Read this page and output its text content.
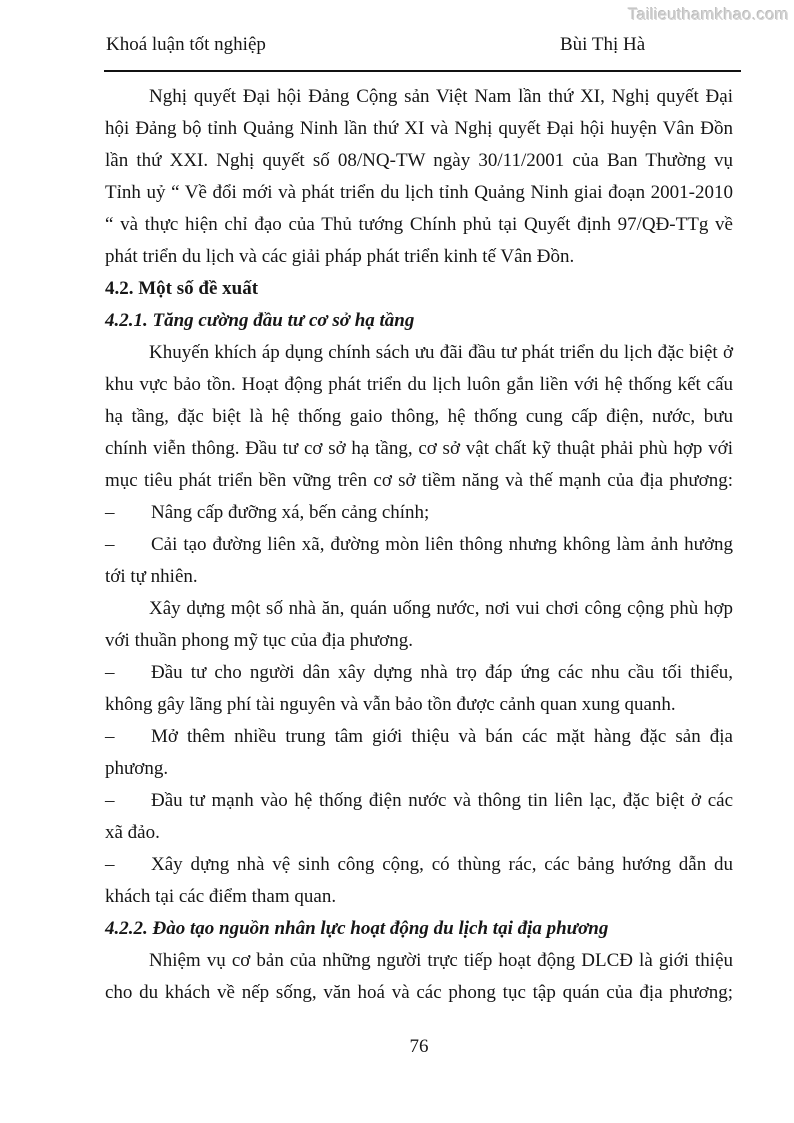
Tailieuthamkhao.com
Khoá luận tốt nghiệp	Bùi Thị Hà
Nghị quyết Đại hội Đảng Cộng sản Việt Nam lần thứ XI, Nghị quyết Đại
hội Đảng bộ tỉnh Quảng Ninh lần thứ XI và Nghị quyết Đại hội huyện Vân Đồn
lần thứ XXI. Nghị quyết số 08/NQ-TW ngày 30/11/2001 của Ban Thường vụ
Tỉnh uỷ “ Về đổi mới và phát triển du lịch tỉnh Quảng Ninh giai đoạn 2001-2010
“ và thực hiện chỉ đạo của Thủ tướng Chính phủ tại Quyết định 97/QĐ-TTg về
phát triển du lịch và các giải pháp phát triển kinh tế Vân Đồn.
4.2. Một số đề xuất
4.2.1. Tăng cường đầu tư cơ sở hạ tầng
Khuyến khích áp dụng chính sách ưu đãi đầu tư phát triển du lịch đặc biệt ở
khu vực bảo tồn. Hoạt động phát triển du lịch luôn gắn liền với hệ thống kết cấu
hạ tầng, đặc biệt là hệ thống gaio thông, hệ thống cung cấp điện, nước, bưu
chính viễn thông. Đầu tư cơ sở hạ tầng, cơ sở vật chất kỹ thuật phải phù hợp với
mục tiêu phát triển bền vững trên cơ sở tiềm năng và thế mạnh của địa phương:
– Nâng cấp đưỡng xá, bến cảng chính;
– Cải tạo đường liên xã, đường mòn liên thông nhưng không làm ảnh hưởng
tới tự nhiên.
Xây dựng một số nhà ăn, quán uống nước, nơi vui chơi công cộng phù hợp
với thuần phong mỹ tục của địa phương.
– Đầu tư cho người dân xây dựng nhà trọ đáp ứng các nhu cầu tối thiểu,
không gây lãng phí tài nguyên và vẫn bảo tồn được cảnh quan xung quanh.
– Mở thêm nhiều trung tâm giới thiệu và bán các mặt hàng đặc sản địa
phương.
– Đầu tư mạnh vào hệ thống điện nước và thông tin liên lạc, đặc biệt ở các
xã đảo.
– Xây dựng nhà vệ sinh công cộng, có thùng rác, các bảng hướng dẫn du
khách tại các điểm tham quan.
4.2.2. Đào tạo nguồn nhân lực hoạt động du lịch tại địa phương
Nhiệm vụ cơ bản của những người trực tiếp hoạt động DLCĐ là giới thiệu
cho du khách về nếp sống, văn hoá và các phong tục tập quán của địa phương;
76
